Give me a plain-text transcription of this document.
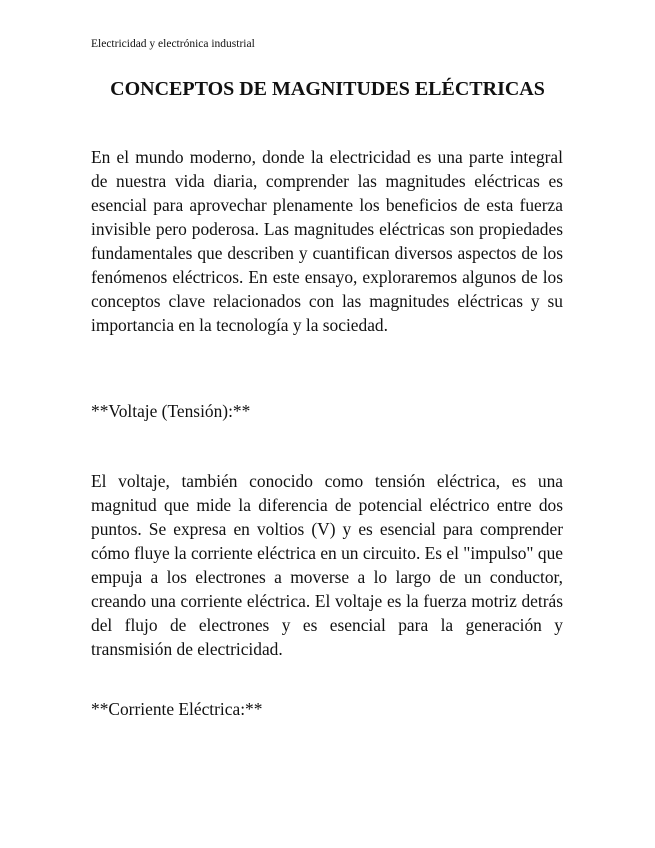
Electricidad y electrónica industrial
CONCEPTOS DE MAGNITUDES ELÉCTRICAS

En el mundo moderno, donde la electricidad es una parte integral de nuestra vida diaria, comprender las magnitudes eléctricas es esencial para aprovechar plenamente los beneficios de esta fuerza invisible pero poderosa. Las magnitudes eléctricas son propiedades fundamentales que describen y cuantifican diversos aspectos de los fenómenos eléctricos. En este ensayo, exploraremos algunos de los conceptos clave relacionados con las magnitudes eléctricas y su importancia en la tecnología y la sociedad.

**Voltaje (Tensión):**

El voltaje, también conocido como tensión eléctrica, es una magnitud que mide la diferencia de potencial eléctrico entre dos puntos. Se expresa en voltios (V) y es esencial para comprender cómo fluye la corriente eléctrica en un circuito. Es el "impulso" que empuja a los electrones a moverse a lo largo de un conductor, creando una corriente eléctrica. El voltaje es la fuerza motriz detrás del flujo de electrones y es esencial para la generación y transmisión de electricidad.

**Corriente Eléctrica:**
